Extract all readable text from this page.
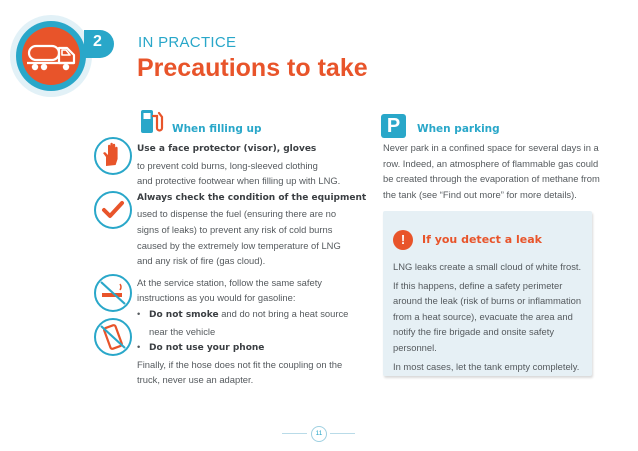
2 IN PRACTICE
Precautions to take
When filling up
Use a face protector (visor), gloves
to prevent cold burns, long-sleeved clothing
and protective footwear when filling up with LNG.
Always check the condition of the equipment
used to dispense the fuel (ensuring there are no
signs of leaks) to prevent any risk of cold burns
caused by the extremely low temperature of LNG
and any risk of fire (gas cloud).
At the service station, follow the same safety
instructions as you would for gasoline:
• Do not smoke and do not bring a heat source
near the vehicle
• Do not use your phone
Finally, if the hose does not fit the coupling on the
truck, never use an adapter.
P	When parking
Never park in a confined space for several days in a
row. Indeed, an atmosphere of flammable gas could
be created through the evaporation of methane from
the tank (see “Find out more” for more details).
!	If you detect a leak
LNG leaks create a small cloud of white frost.
If this happens, define a safety perimeter
around the leak (risk of burns or inflammation
from a heat source), evacuate the area and
notify the fire brigade and onsite safety
personnel.
In most cases, let the tank empty completely.
11
